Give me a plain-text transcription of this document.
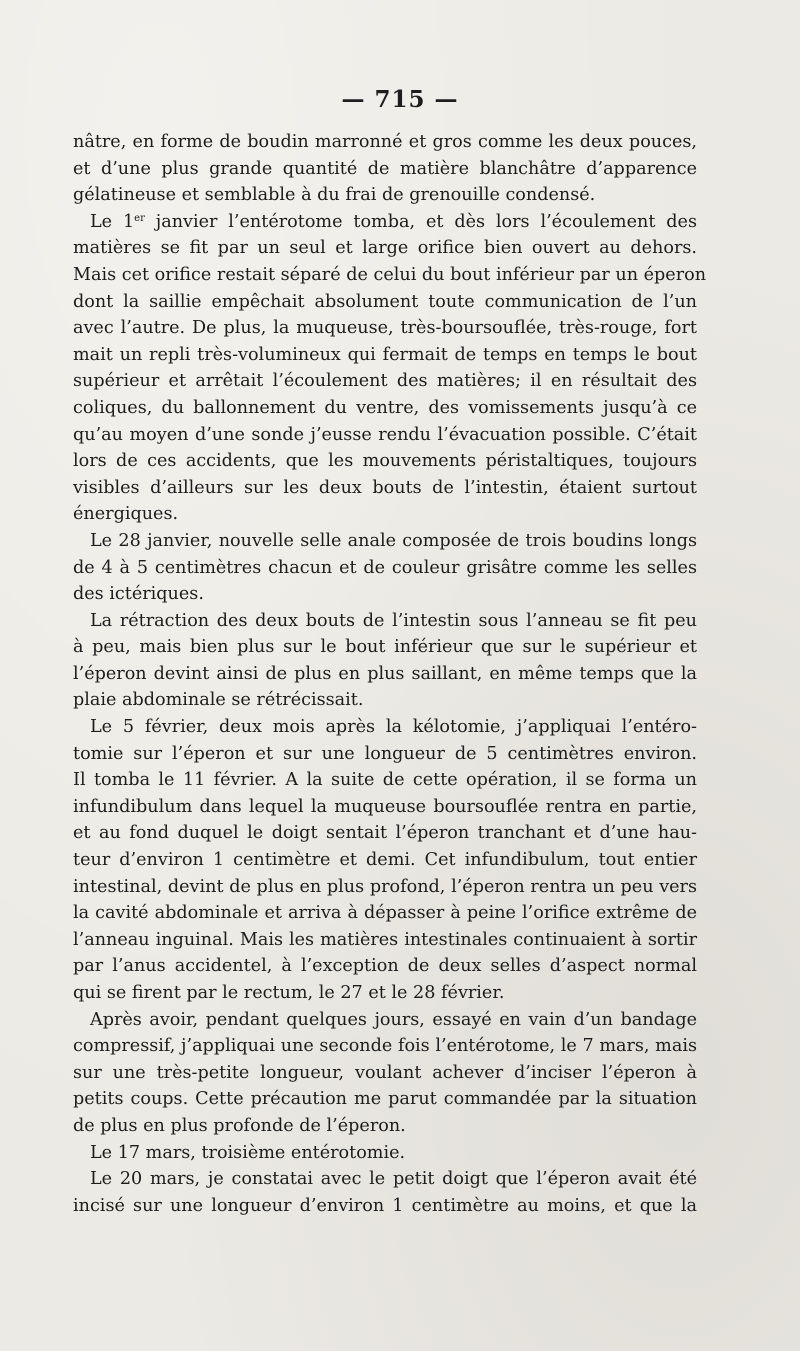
— 715 —
nâtre, en forme de boudin marronné et gros comme les deux pouces,
et d’une plus grande quantité de matière blanchâtre d’apparence
gélatineuse et semblable à du frai de grenouille condensé.
Le 1er janvier l’entérotome tomba, et dès lors l’écoulement des
matières se fit par un seul et large orifice bien ouvert au dehors.
Mais cet orifice restait séparé de celui du bout inférieur par un éperon
dont la saillie empêchait absolument toute communication de l’un
avec l’autre. De plus, la muqueuse, très-boursouflée, très-rouge, fort
mait un repli très-volumineux qui fermait de temps en temps le bout
supérieur et arrêtait l’écoulement des matières; il en résultait des
coliques, du ballonnement du ventre, des vomissements jusqu’à ce
qu’au moyen d’une sonde j’eusse rendu l’évacuation possible. C’était
lors de ces accidents, que les mouvements péristaltiques, toujours
visibles d’ailleurs sur les deux bouts de l’intestin, étaient surtout
énergiques.
Le 28 janvier, nouvelle selle anale composée de trois boudins longs
de 4 à 5 centimètres chacun et de couleur grisâtre comme les selles
des ictériques.
La rétraction des deux bouts de l’intestin sous l’anneau se fit peu
à peu, mais bien plus sur le bout inférieur que sur le supérieur et
l’éperon devint ainsi de plus en plus saillant, en même temps que la
plaie abdominale se rétrécissait.
Le 5 février, deux mois après la kélotomie, j’appliquai l’entéro-
tomie sur l’éperon et sur une longueur de 5 centimètres environ.
Il tomba le 11 février. A la suite de cette opération, il se forma un
infundibulum dans lequel la muqueuse boursouflée rentra en partie,
et au fond duquel le doigt sentait l’éperon tranchant et d’une hau-
teur d’environ 1 centimètre et demi. Cet infundibulum, tout entier
intestinal, devint de plus en plus profond, l’éperon rentra un peu vers
la cavité abdominale et arriva à dépasser à peine l’orifice extrême de
l’anneau inguinal. Mais les matières intestinales continuaient à sortir
par l’anus accidentel, à l’exception de deux selles d’aspect normal
qui se firent par le rectum, le 27 et le 28 février.
Après avoir, pendant quelques jours, essayé en vain d’un bandage
compressif, j’appliquai une seconde fois l’entérotome, le 7 mars, mais
sur une très-petite longueur, voulant achever d’inciser l’éperon à
petits coups. Cette précaution me parut commandée par la situation
de plus en plus profonde de l’éperon.
Le 17 mars, troisième entérotomie.
Le 20 mars, je constatai avec le petit doigt que l’éperon avait été
incisé sur une longueur d’environ 1 centimètre au moins, et que la
